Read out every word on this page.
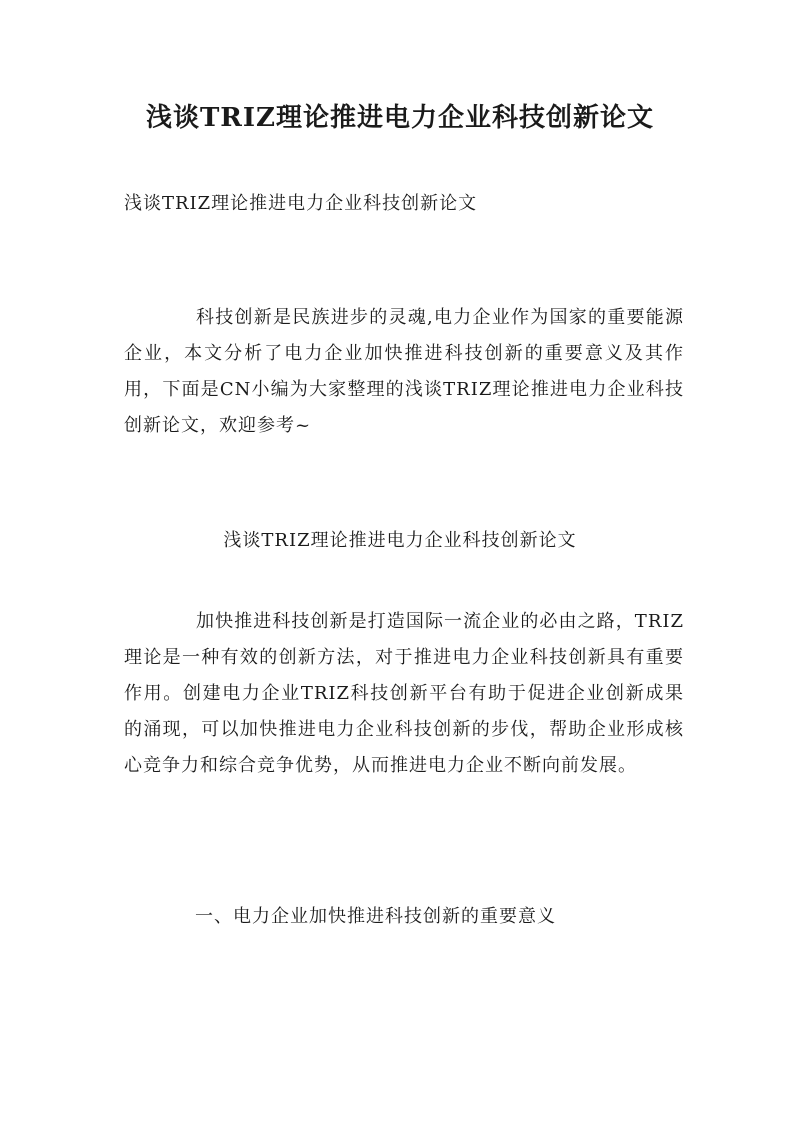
浅谈TRIZ理论推进电力企业科技创新论文
浅谈TRIZ理论推进电力企业科技创新论文

科技创新是民族进步的灵魂,电力企业作为国家的重要能源企业，本文分析了电力企业加快推进科技创新的重要意义及其作用，下面是CN小编为大家整理的浅谈TRIZ理论推进电力企业科技创新论文，欢迎参考~

浅谈TRIZ理论推进电力企业科技创新论文

加快推进科技创新是打造国际一流企业的必由之路，TRIZ理论是一种有效的创新方法，对于推进电力企业科技创新具有重要作用。创建电力企业TRIZ科技创新平台有助于促进企业创新成果的涌现，可以加快推进电力企业科技创新的步伐，帮助企业形成核心竞争力和综合竞争优势，从而推进电力企业不断向前发展。

一、电力企业加快推进科技创新的重要意义
